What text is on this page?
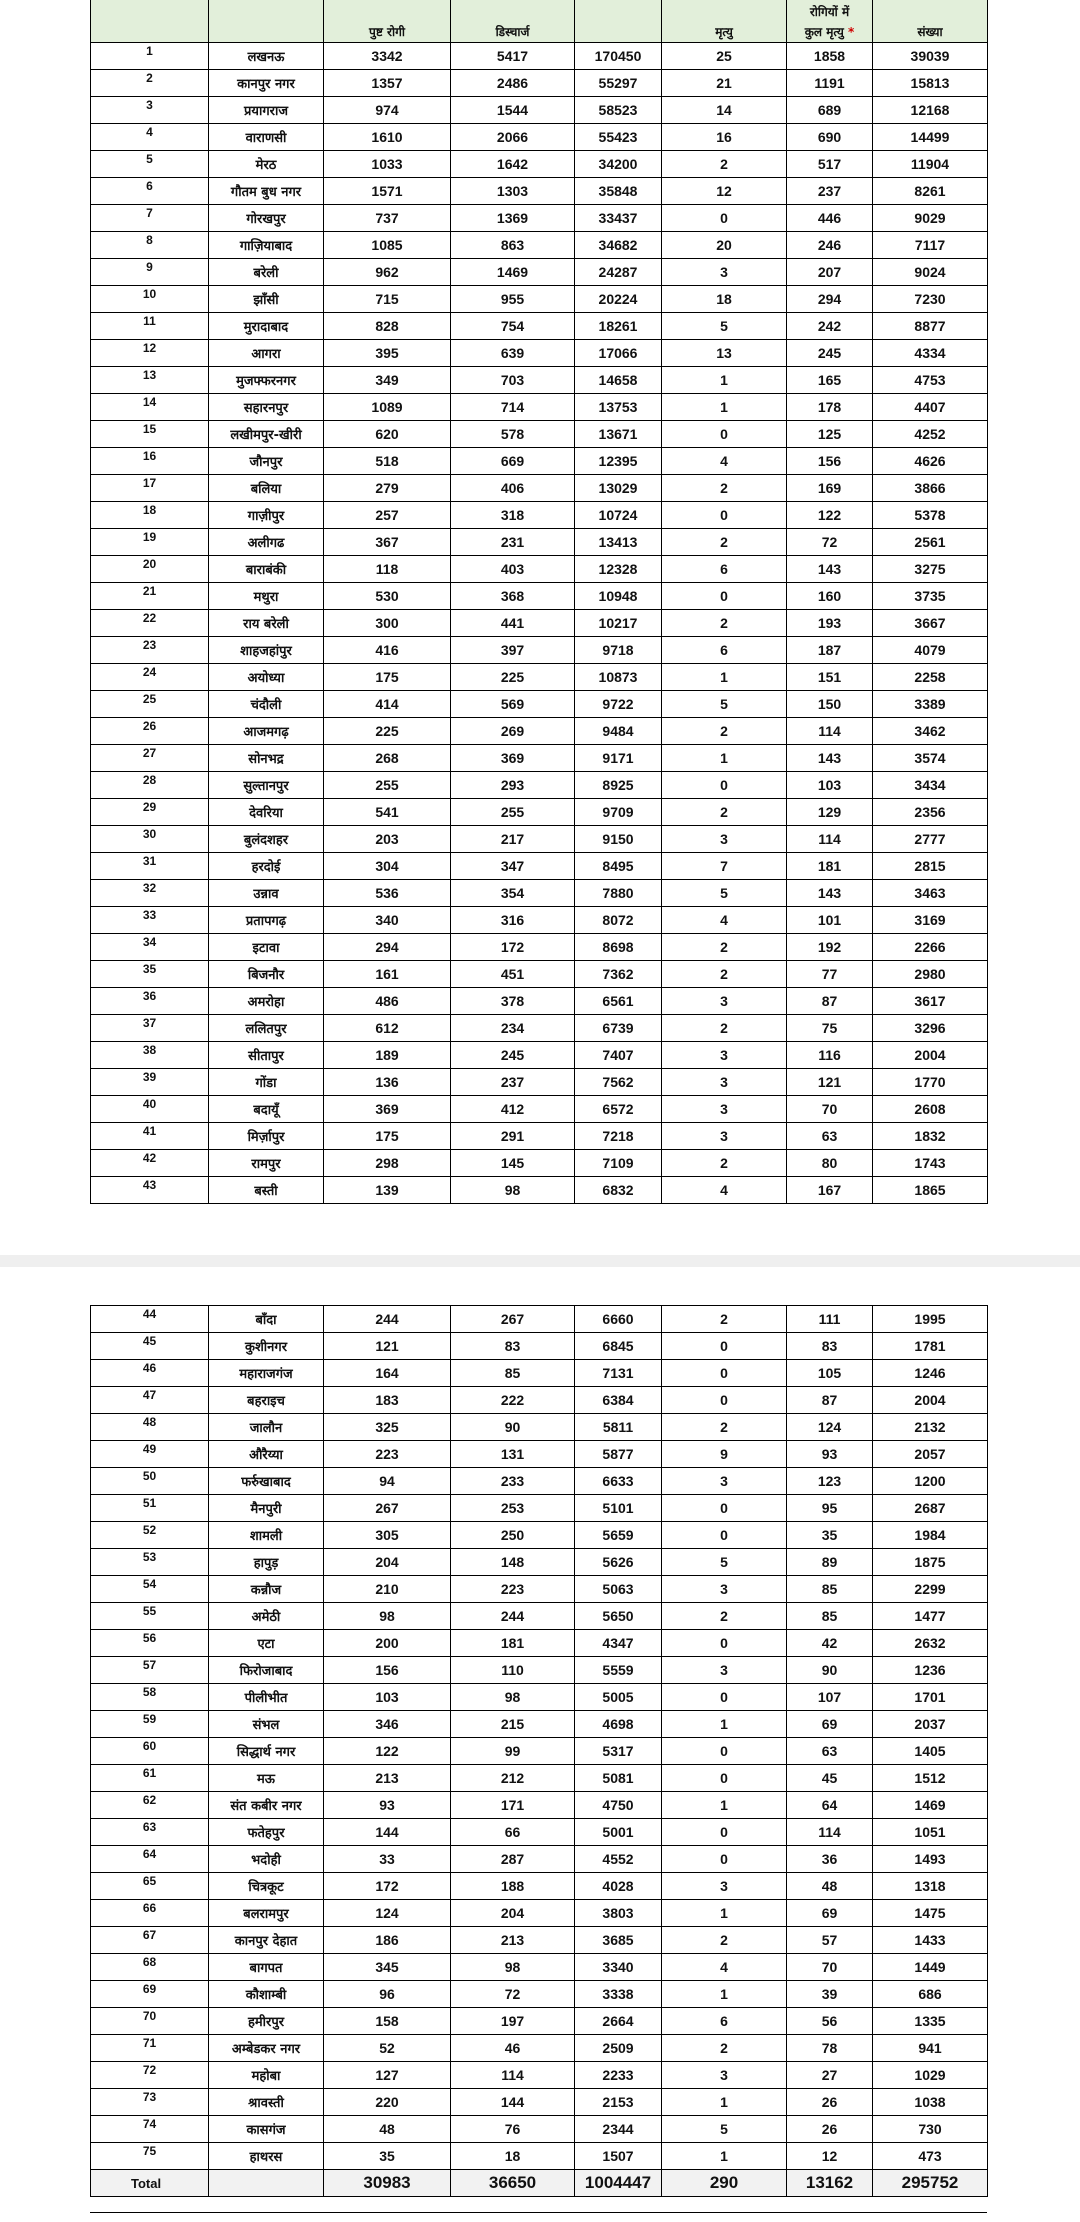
		पुष्ट रोगी	डिस्चार्ज		मृत्यु	रोगियों में
कुल मृत्यु *	संख्या
1	लखनऊ	3342	5417	170450	25	1858	39039
2	कानपुर नगर	1357	2486	55297	21	1191	15813
3	प्रयागराज	974	1544	58523	14	689	12168
4	वाराणसी	1610	2066	55423	16	690	14499
5	मेरठ	1033	1642	34200	2	517	11904
6	गौतम बुध नगर	1571	1303	35848	12	237	8261
7	गोरखपुर	737	1369	33437	0	446	9029
8	गाज़ियाबाद	1085	863	34682	20	246	7117
9	बरेली	962	1469	24287	3	207	9024
10	झाँसी	715	955	20224	18	294	7230
11	मुरादाबाद	828	754	18261	5	242	8877
12	आगरा	395	639	17066	13	245	4334
13	मुजफ्फरनगर	349	703	14658	1	165	4753
14	सहारनपुर	1089	714	13753	1	178	4407
15	लखीमपुर-खीरी	620	578	13671	0	125	4252
16	जौनपुर	518	669	12395	4	156	4626
17	बलिया	279	406	13029	2	169	3866
18	गाज़ीपुर	257	318	10724	0	122	5378
19	अलीगढ	367	231	13413	2	72	2561
20	बाराबंकी	118	403	12328	6	143	3275
21	मथुरा	530	368	10948	0	160	3735
22	राय बरेली	300	441	10217	2	193	3667
23	शाहजहांपुर	416	397	9718	6	187	4079
24	अयोध्या	175	225	10873	1	151	2258
25	चंदौली	414	569	9722	5	150	3389
26	आजमगढ़	225	269	9484	2	114	3462
27	सोनभद्र	268	369	9171	1	143	3574
28	सुल्तानपुर	255	293	8925	0	103	3434
29	देवरिया	541	255	9709	2	129	2356
30	बुलंदशहर	203	217	9150	3	114	2777
31	हरदोई	304	347	8495	7	181	2815
32	उन्नाव	536	354	7880	5	143	3463
33	प्रतापगढ़	340	316	8072	4	101	3169
34	इटावा	294	172	8698	2	192	2266
35	बिजनौर	161	451	7362	2	77	2980
36	अमरोहा	486	378	6561	3	87	3617
37	ललितपुर	612	234	6739	2	75	3296
38	सीतापुर	189	245	7407	3	116	2004
39	गोंडा	136	237	7562	3	121	1770
40	बदायूँ	369	412	6572	3	70	2608
41	मिर्ज़ापुर	175	291	7218	3	63	1832
42	रामपुर	298	145	7109	2	80	1743
43	बस्ती	139	98	6832	4	167	1865
44	बाँदा	244	267	6660	2	111	1995
45	कुशीनगर	121	83	6845	0	83	1781
46	महाराजगंज	164	85	7131	0	105	1246
47	बहराइच	183	222	6384	0	87	2004
48	जालौन	325	90	5811	2	124	2132
49	औरैय्या	223	131	5877	9	93	2057
50	फर्रुखाबाद	94	233	6633	3	123	1200
51	मैनपुरी	267	253	5101	0	95	2687
52	शामली	305	250	5659	0	35	1984
53	हापुड़	204	148	5626	5	89	1875
54	कन्नौज	210	223	5063	3	85	2299
55	अमेठी	98	244	5650	2	85	1477
56	एटा	200	181	4347	0	42	2632
57	फिरोजाबाद	156	110	5559	3	90	1236
58	पीलीभीत	103	98	5005	0	107	1701
59	संभल	346	215	4698	1	69	2037
60	सिद्धार्थ नगर	122	99	5317	0	63	1405
61	मऊ	213	212	5081	0	45	1512
62	संत कबीर नगर	93	171	4750	1	64	1469
63	फतेहपुर	144	66	5001	0	114	1051
64	भदोही	33	287	4552	0	36	1493
65	चित्रकूट	172	188	4028	3	48	1318
66	बलरामपुर	124	204	3803	1	69	1475
67	कानपुर देहात	186	213	3685	2	57	1433
68	बागपत	345	98	3340	4	70	1449
69	कौशाम्बी	96	72	3338	1	39	686
70	हमीरपुर	158	197	2664	6	56	1335
71	अम्बेडकर नगर	52	46	2509	2	78	941
72	महोबा	127	114	2233	3	27	1029
73	श्रावस्ती	220	144	2153	1	26	1038
74	कासगंज	48	76	2344	5	26	730
75	हाथरस	35	18	1507	1	12	473
Total		30983	36650	1004447	290	13162	295752
